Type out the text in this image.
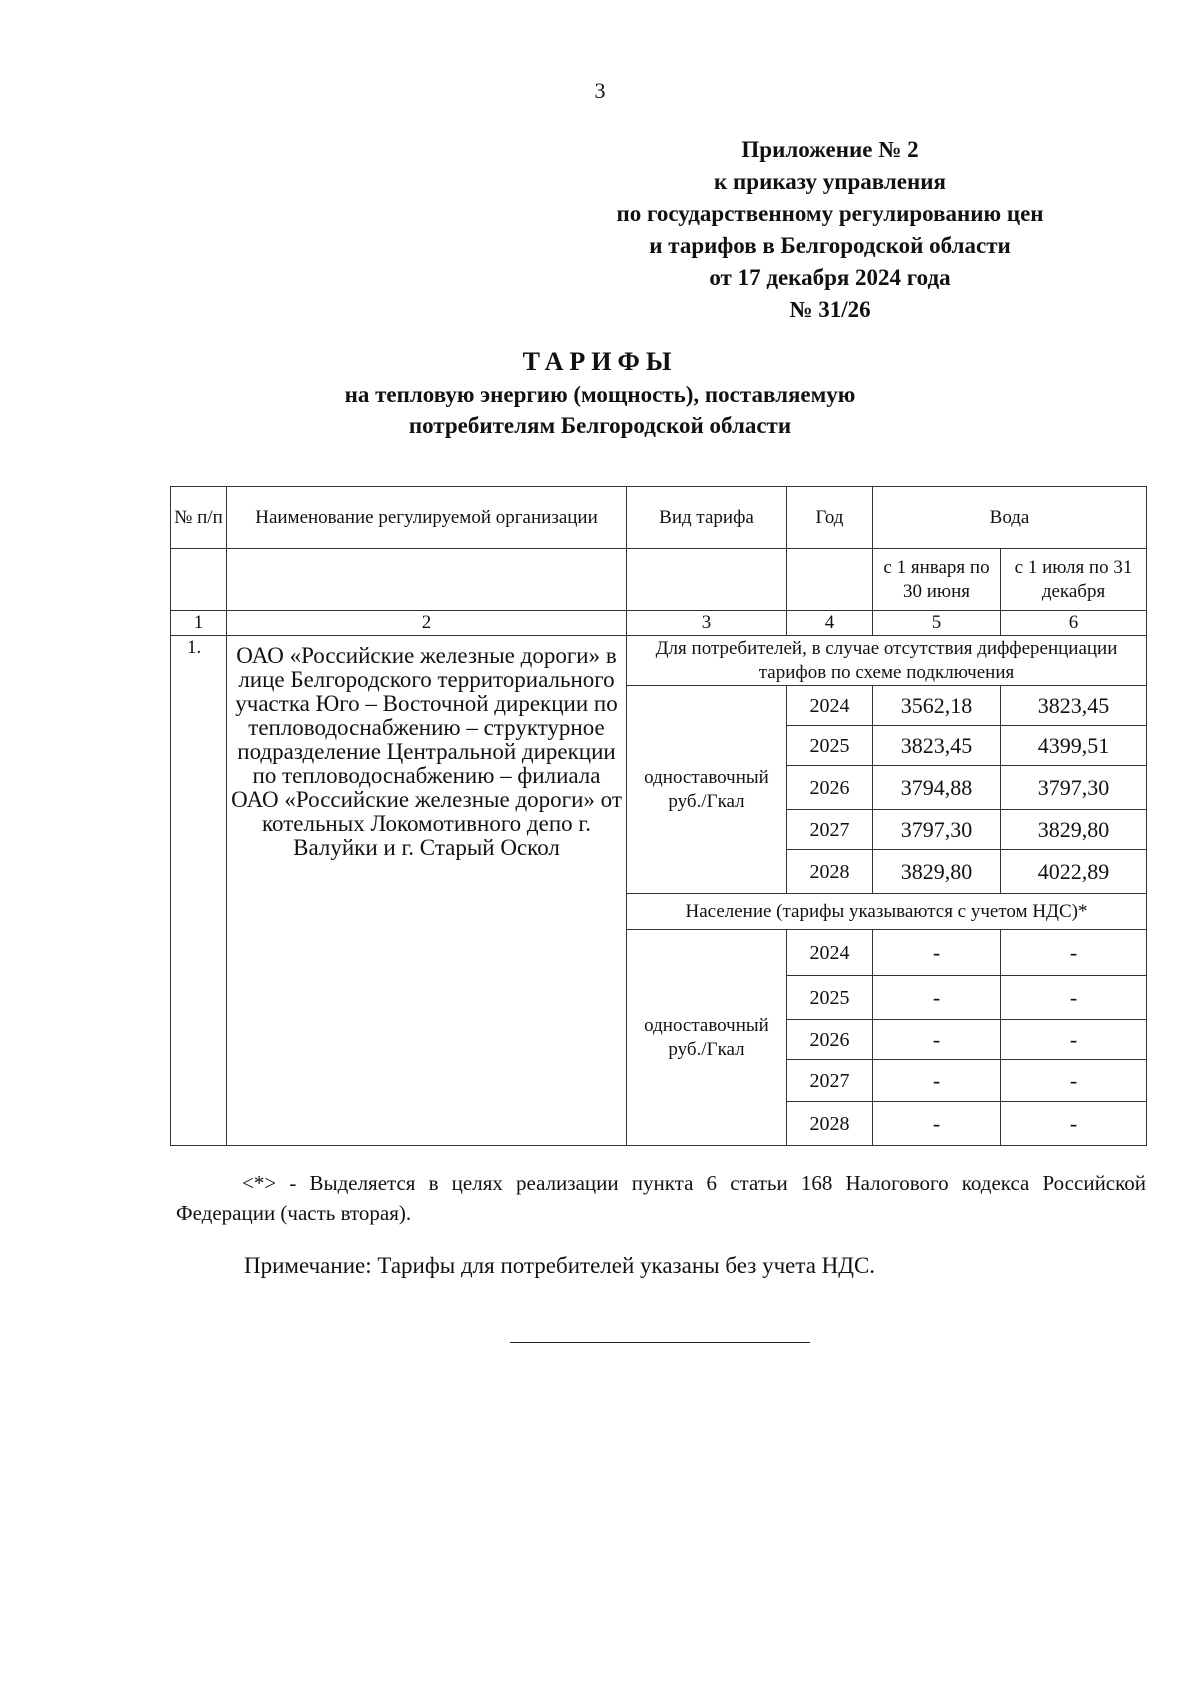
3
Приложение № 2
к приказу управления
по государственному регулированию цен
и тарифов в Белгородской области
от 17 декабря 2024 года
№ 31/26
ТАРИФЫ
на тепловую энергию (мощность), поставляемую
потребителям Белгородской области
№ п/п	Наименование регулируемой организации	Вид тарифа	Год	Вода	
				с 1 января по 30 июня	с 1 июля по 31 декабря
1	2	3	4	5	6
1.	ОАО «Российские железные дороги» в лице Белгородского территориального участка Юго – Восточной дирекции по тепловодоснабжению – структурное подразделение Центральной дирекции по тепловодоснабжению – филиала ОАО «Российские железные дороги» от котельных Локомотивного депо г. Валуйки и г. Старый Оскол	Для потребителей, в случае отсутствия дифференциации тарифов по схеме подключения			
		одноставочный руб./Гкал	2024	3562,18	3823,45
			2025	3823,45	4399,51
			2026	3794,88	3797,30
			2027	3797,30	3829,80
			2028	3829,80	4022,89
		Население (тарифы указываются с учетом НДС)*			
		одноставочный руб./Гкал	2024	-	-
			2025	-	-
			2026	-	-
			2027	-	-
			2028	-	-
<*> - Выделяется в целях реализации пункта 6 статьи 168 Налогового кодекса Российской Федерации (часть вторая).
Примечание: Тарифы для потребителей указаны без учета НДС.
